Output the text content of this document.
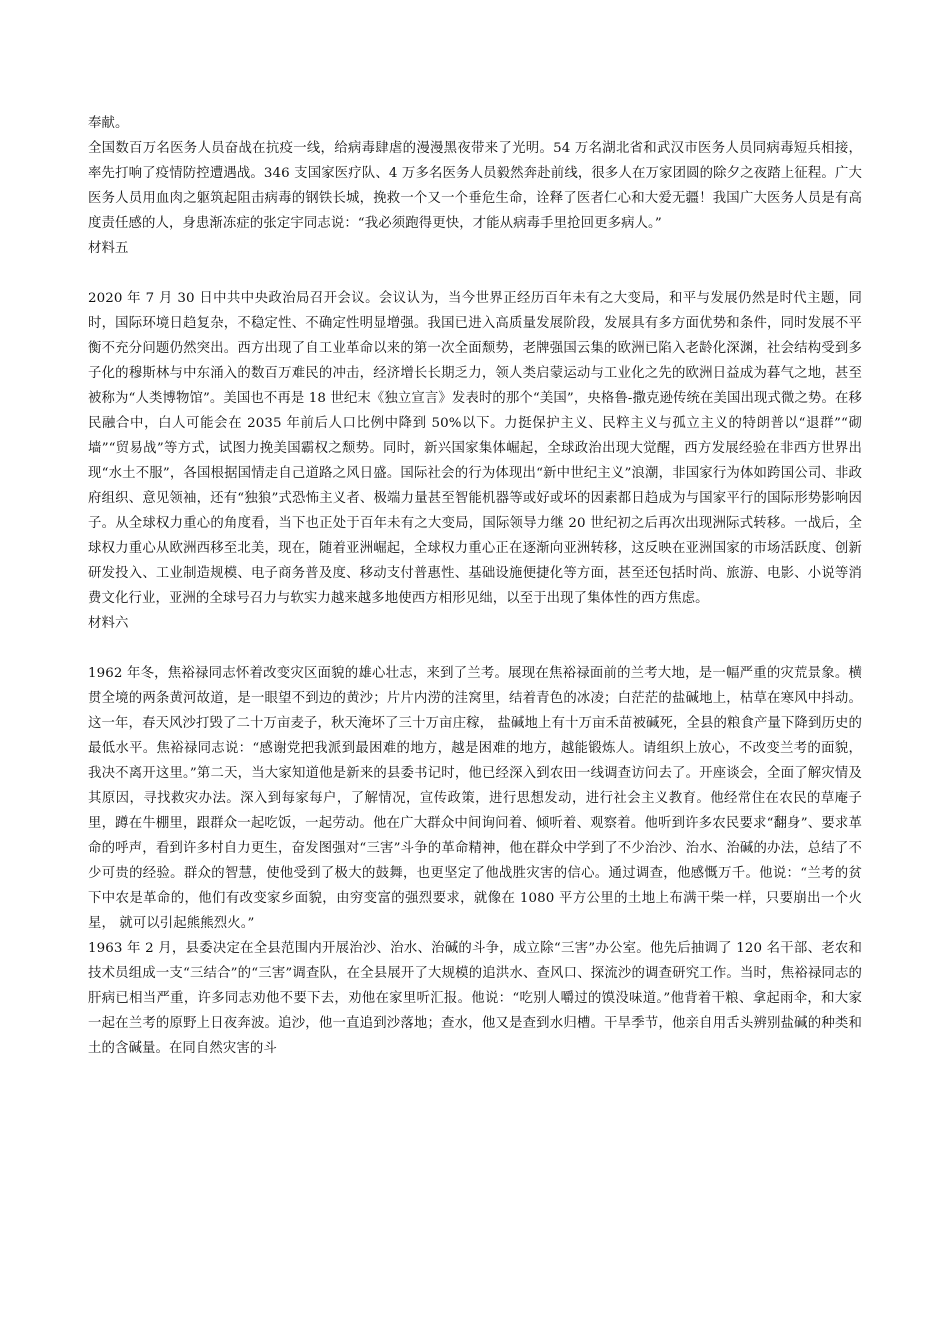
奉献。

全国数百万名医务人员奋战在抗疫一线，给病毒肆虐的漫漫黑夜带来了光明。54 万名湖北省和武汉市医务人员同病毒短兵相接，率先打响了疫情防控遭遇战。346 支国家医疗队、4 万多名医务人员毅然奔赴前线，很多人在万家团圆的除夕之夜踏上征程。广大医务人员用血肉之躯筑起阻击病毒的钢铁长城，挽救一个又一个垂危生命，诠释了医者仁心和大爱无疆！我国广大医务人员是有高度责任感的人，身患渐冻症的张定宇同志说：“我必须跑得更快，才能从病毒手里抢回更多病人。”

材料五

2020 年 7 月 30 日中共中央政治局召开会议。会议认为，当今世界正经历百年未有之大变局，和平与发展仍然是时代主题，同时，国际环境日趋复杂，不稳定性、不确定性明显增强。我国已进入高质量发展阶段，发展具有多方面优势和条件，同时发展不平衡不充分问题仍然突出。西方出现了自工业革命以来的第一次全面颓势，老牌强国云集的欧洲已陷入老龄化深渊，社会结构受到多子化的穆斯林与中东涌入的数百万难民的冲击，经济增长长期乏力，领人类启蒙运动与工业化之先的欧洲日益成为暮气之地，甚至被称为“人类博物馆”。美国也不再是 18 世纪末《独立宣言》发表时的那个“美国”，央格鲁-撒克逊传统在美国出现式微之势。在移民融合中，白人可能会在 2035 年前后人口比例中降到 50%以下。力挺保护主义、民粹主义与孤立主义的特朗普以“退群”“砌墙”“贸易战”等方式，试图力挽美国霸权之颓势。同时，新兴国家集体崛起，全球政治出现大觉醒，西方发展经验在非西方世界出现“水土不服”，各国根据国情走自己道路之风日盛。国际社会的行为体现出“新中世纪主义”浪潮，非国家行为体如跨国公司、非政府组织、意见领袖，还有“独狼”式恐怖主义者、极端力量甚至智能机器等或好或坏的因素都日趋成为与国家平行的国际形势影响因子。从全球权力重心的角度看，当下也正处于百年未有之大变局，国际领导力继 20 世纪初之后再次出现洲际式转移。一战后，全球权力重心从欧洲西移至北美，现在，随着亚洲崛起，全球权力重心正在逐渐向亚洲转移，这反映在亚洲国家的市场活跃度、创新研发投入、工业制造规模、电子商务普及度、移动支付普惠性、基础设施便捷化等方面，甚至还包括时尚、旅游、电影、小说等消费文化行业，亚洲的全球号召力与软实力越来越多地使西方相形见绌，以至于出现了集体性的西方焦虑。

材料六

1962 年冬，焦裕禄同志怀着改变灾区面貌的雄心壮志，来到了兰考。展现在焦裕禄面前的兰考大地，是一幅严重的灾荒景象。横贯全境的两条黄河故道，是一眼望不到边的黄沙；片片内涝的洼窝里，结着青色的冰凌；白茫茫的盐碱地上，枯草在寒风中抖动。这一年，春天风沙打毁了二十万亩麦子，秋天淹坏了三十万亩庄稼， 盐碱地上有十万亩禾苗被碱死，全县的粮食产量下降到历史的最低水平。焦裕禄同志说：“感谢党把我派到最困难的地方，越是困难的地方，越能锻炼人。请组织上放心，不改变兰考的面貌，我决不离开这里。”第二天，当大家知道他是新来的县委书记时，他已经深入到农田一线调查访问去了。开座谈会，全面了解灾情及其原因，寻找救灾办法。深入到每家每户，了解情况，宣传政策，进行思想发动，进行社会主义教育。他经常住在农民的草庵子里，蹲在牛棚里，跟群众一起吃饭，一起劳动。他在广大群众中间询问着、倾听着、观察着。他听到许多农民要求“翻身”、要求革命的呼声，看到许多村自力更生，奋发图强对“三害”斗争的革命精神，他在群众中学到了不少治沙、治水、治碱的办法，总结了不少可贵的经验。群众的智慧，使他受到了极大的鼓舞，也更坚定了他战胜灾害的信心。通过调查，他感慨万千。他说：“兰考的贫下中农是革命的，他们有改变家乡面貌，由穷变富的强烈要求，就像在 1080 平方公里的土地上布满干柴一样，只要崩出一个火星， 就可以引起熊熊烈火。”

1963 年 2 月，县委决定在全县范围内开展治沙、治水、治碱的斗争，成立除“三害”办公室。他先后抽调了 120 名干部、老农和技术员组成一支“三结合”的“三害”调查队，在全县展开了大规模的追洪水、查风口、探流沙的调查研究工作。当时，焦裕禄同志的肝病已相当严重，许多同志劝他不要下去，劝他在家里听汇报。他说：“吃别人嚼过的馍没味道。”他背着干粮、拿起雨伞，和大家一起在兰考的原野上日夜奔波。追沙，他一直追到沙落地；查水，他又是查到水归槽。干旱季节，他亲自用舌头辨别盐碱的种类和土的含碱量。在同自然灾害的斗
